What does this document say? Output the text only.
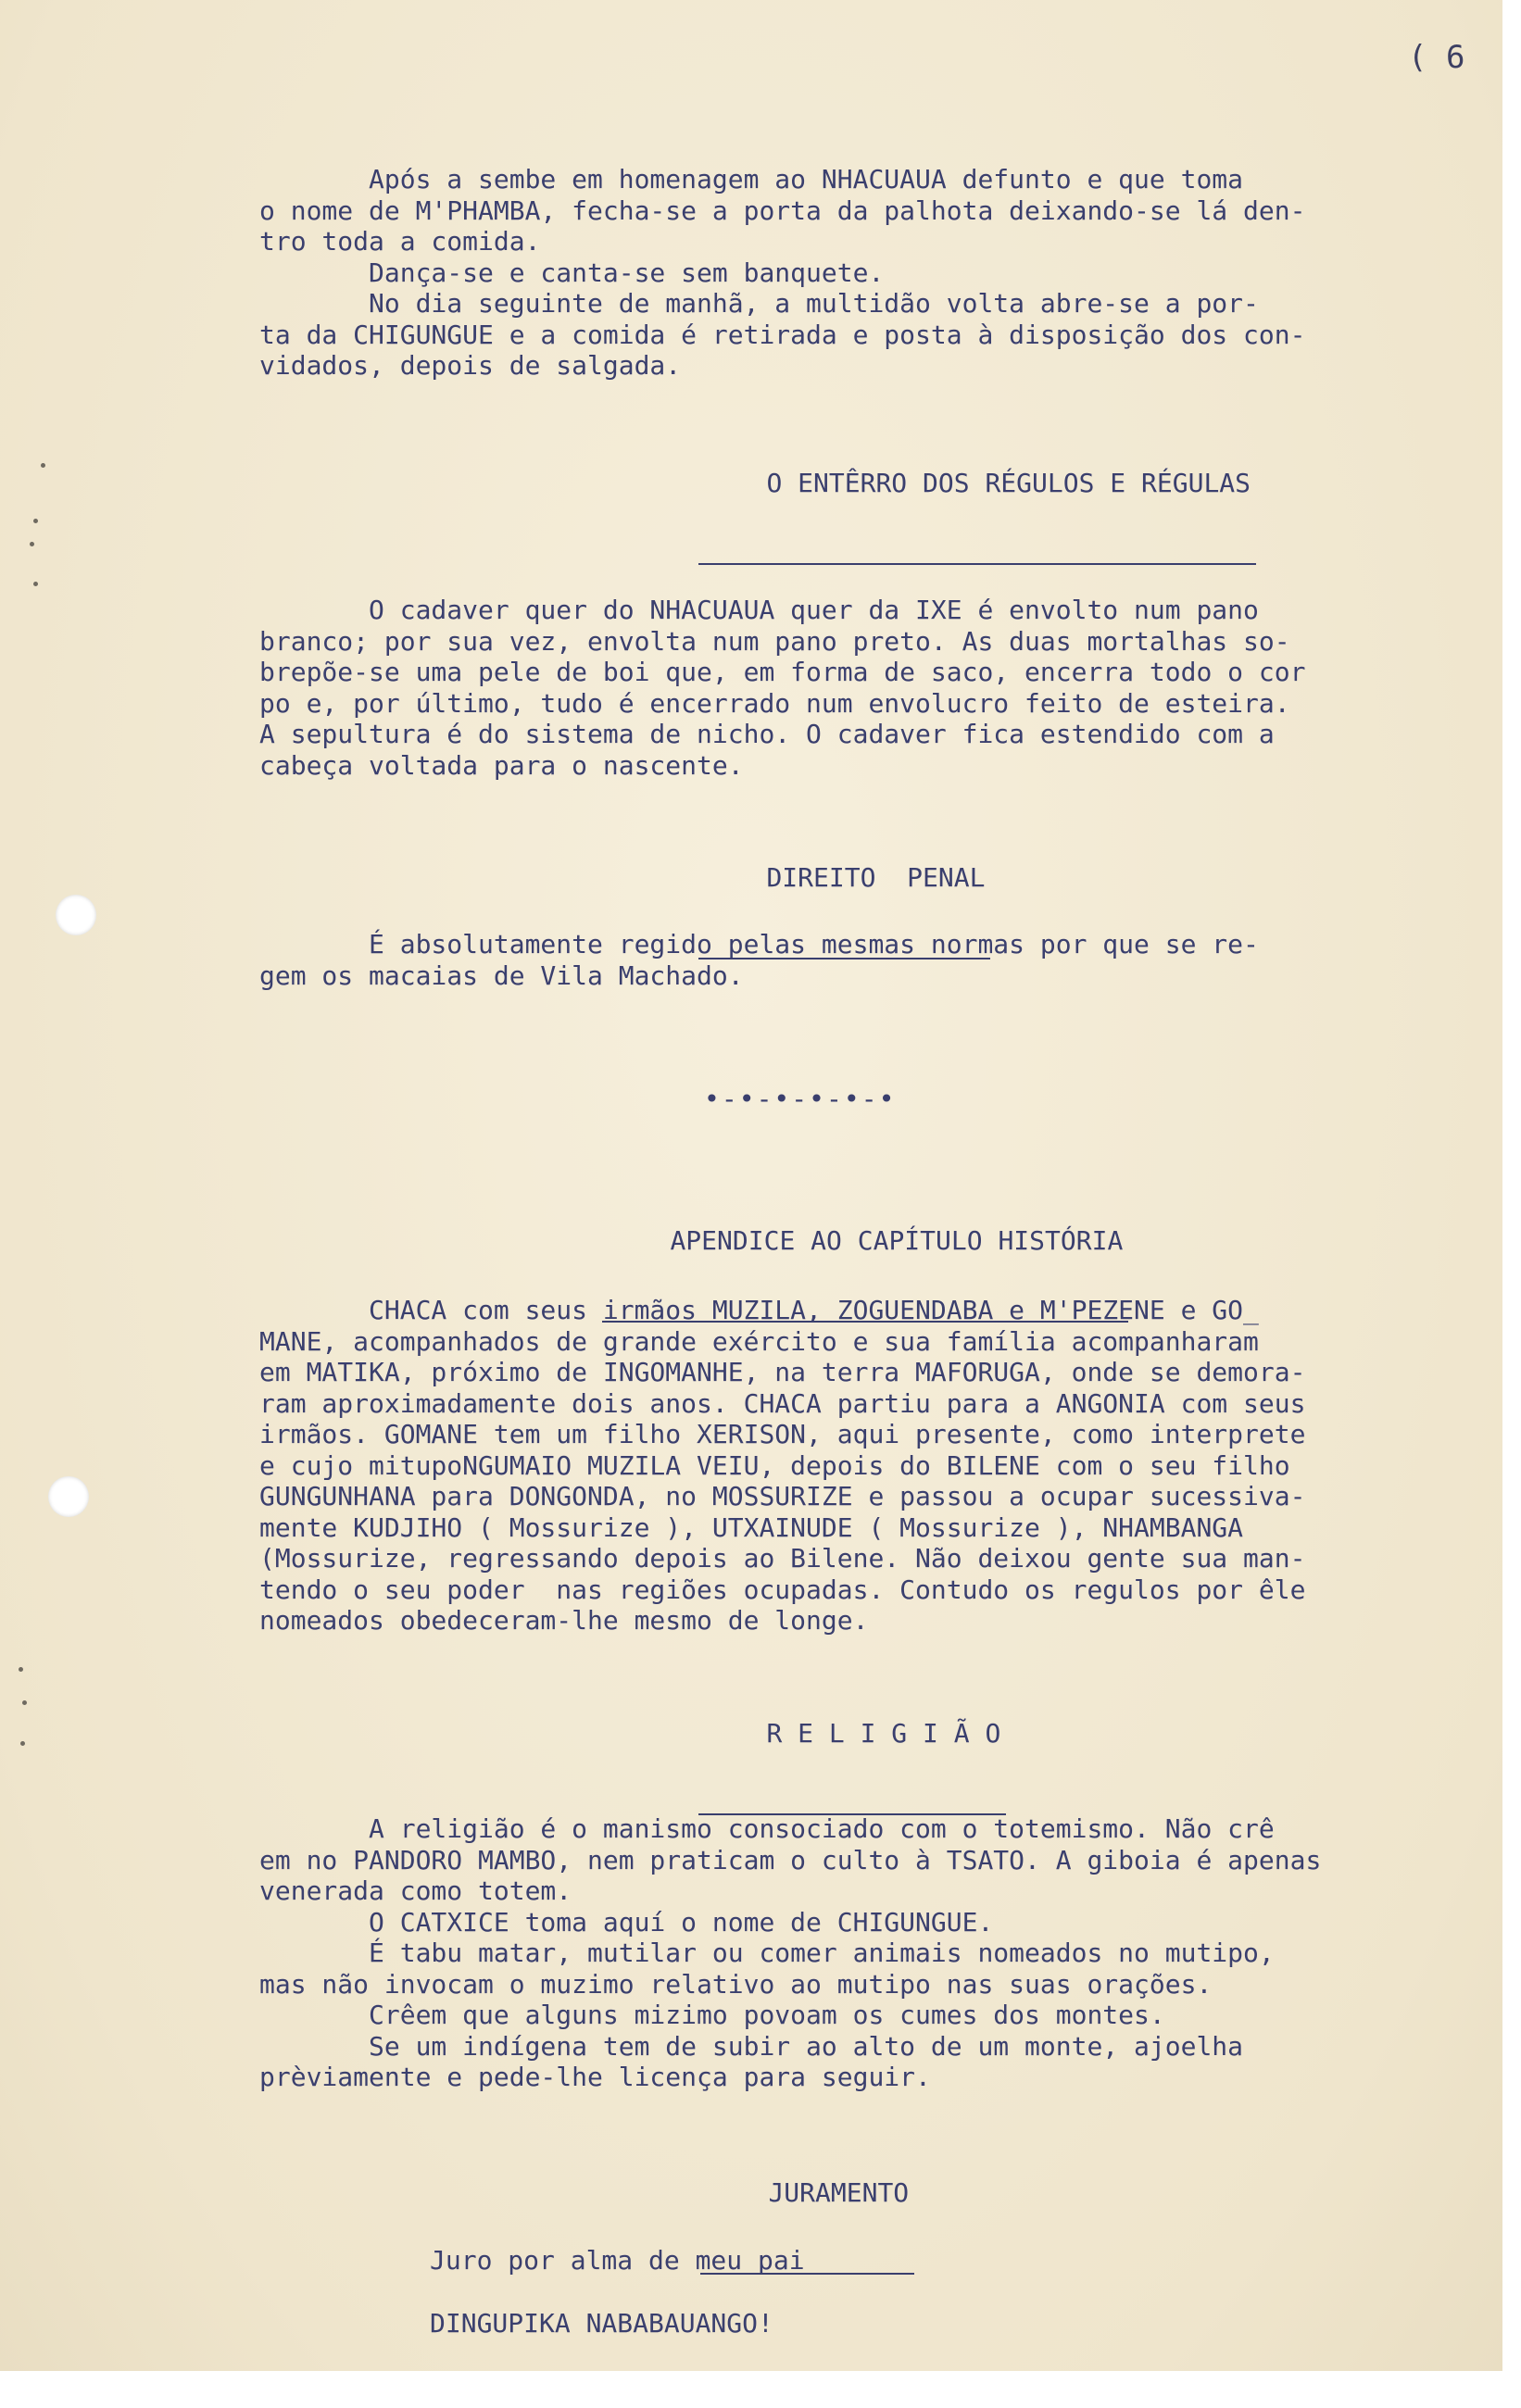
( 6
Após a sembe em homenagem ao NHACUAUA defunto e que toma
o nome de M'PHAMBA, fecha-se a porta da palhota deixando-se lá den-
tro toda a comida.
Dança-se e canta-se sem banquete.
No dia seguinte de manhã, a multidão volta abre-se a por-
ta da CHIGUNGUE e a comida é retirada e posta à disposição dos con-
vidados, depois de salgada.

O ENTÊRRO DOS RÉGULOS E RÉGULAS

O cadaver quer do NHACUAUA quer da IXE é envolto num pano
branco; por sua vez, envolta num pano preto. As duas mortalhas so-
brepõe-se uma pele de boi que, em forma de saco, encerra todo o cor
po e, por último, tudo é encerrado num envolucro feito de esteira.
A sepultura é do sistema de nicho. O cadaver fica estendido com a
cabeça voltada para o nascente.

DIREITO  PENAL

É absolutamente regido pelas mesmas normas por que se re-
gem os macaias de Vila Machado.
•-•-•-•-•-•

APENDICE AO CAPÍTULO HISTÓRIA

CHACA com seus irmãos MUZILA, ZOGUENDABA e M'PEZENE e GO_
MANE, acompanhados de grande exército e sua família acompanharam
em MATIKA, próximo de INGOMANHE, na terra MAFORUGA, onde se demora-
ram aproximadamente dois anos. CHACA partiu para a ANGONIA com seus
irmãos. GOMANE tem um filho XERISON, aqui presente, como interprete
e cujo mitupoNGUMAIO MUZILA VEIU, depois do BILENE com o seu filho
GUNGUNHANA para DONGONDA, no MOSSURIZE e passou a ocupar sucessiva-
mente KUDJIHO ( Mossurize ), UTXAINUDE ( Mossurize ), NHAMBANGA
(Mossurize, regressando depois ao Bilene. Não deixou gente sua man-
tendo o seu poder  nas regiões ocupadas. Contudo os regulos por êle
nomeados obedeceram-lhe mesmo de longe.

R E L I G I Ã O

A religião é o manismo consociado com o totemismo. Não crê
em no PANDORO MAMBO, nem praticam o culto à TSATO. A giboia é apenas
venerada como totem.
O CATXICE toma aquí o nome de CHIGUNGUE.
É tabu matar, mutilar ou comer animais nomeados no mutipo,
mas não invocam o muzimo relativo ao mutipo nas suas orações.
Crêem que alguns mizimo povoam os cumes dos montes.
Se um indígena tem de subir ao alto de um monte, ajoelha
prèviamente e pede-lhe licença para seguir.

JURAMENTO

Juro por alma de meu pai
DINGUPIKA NABABAUANGO!
